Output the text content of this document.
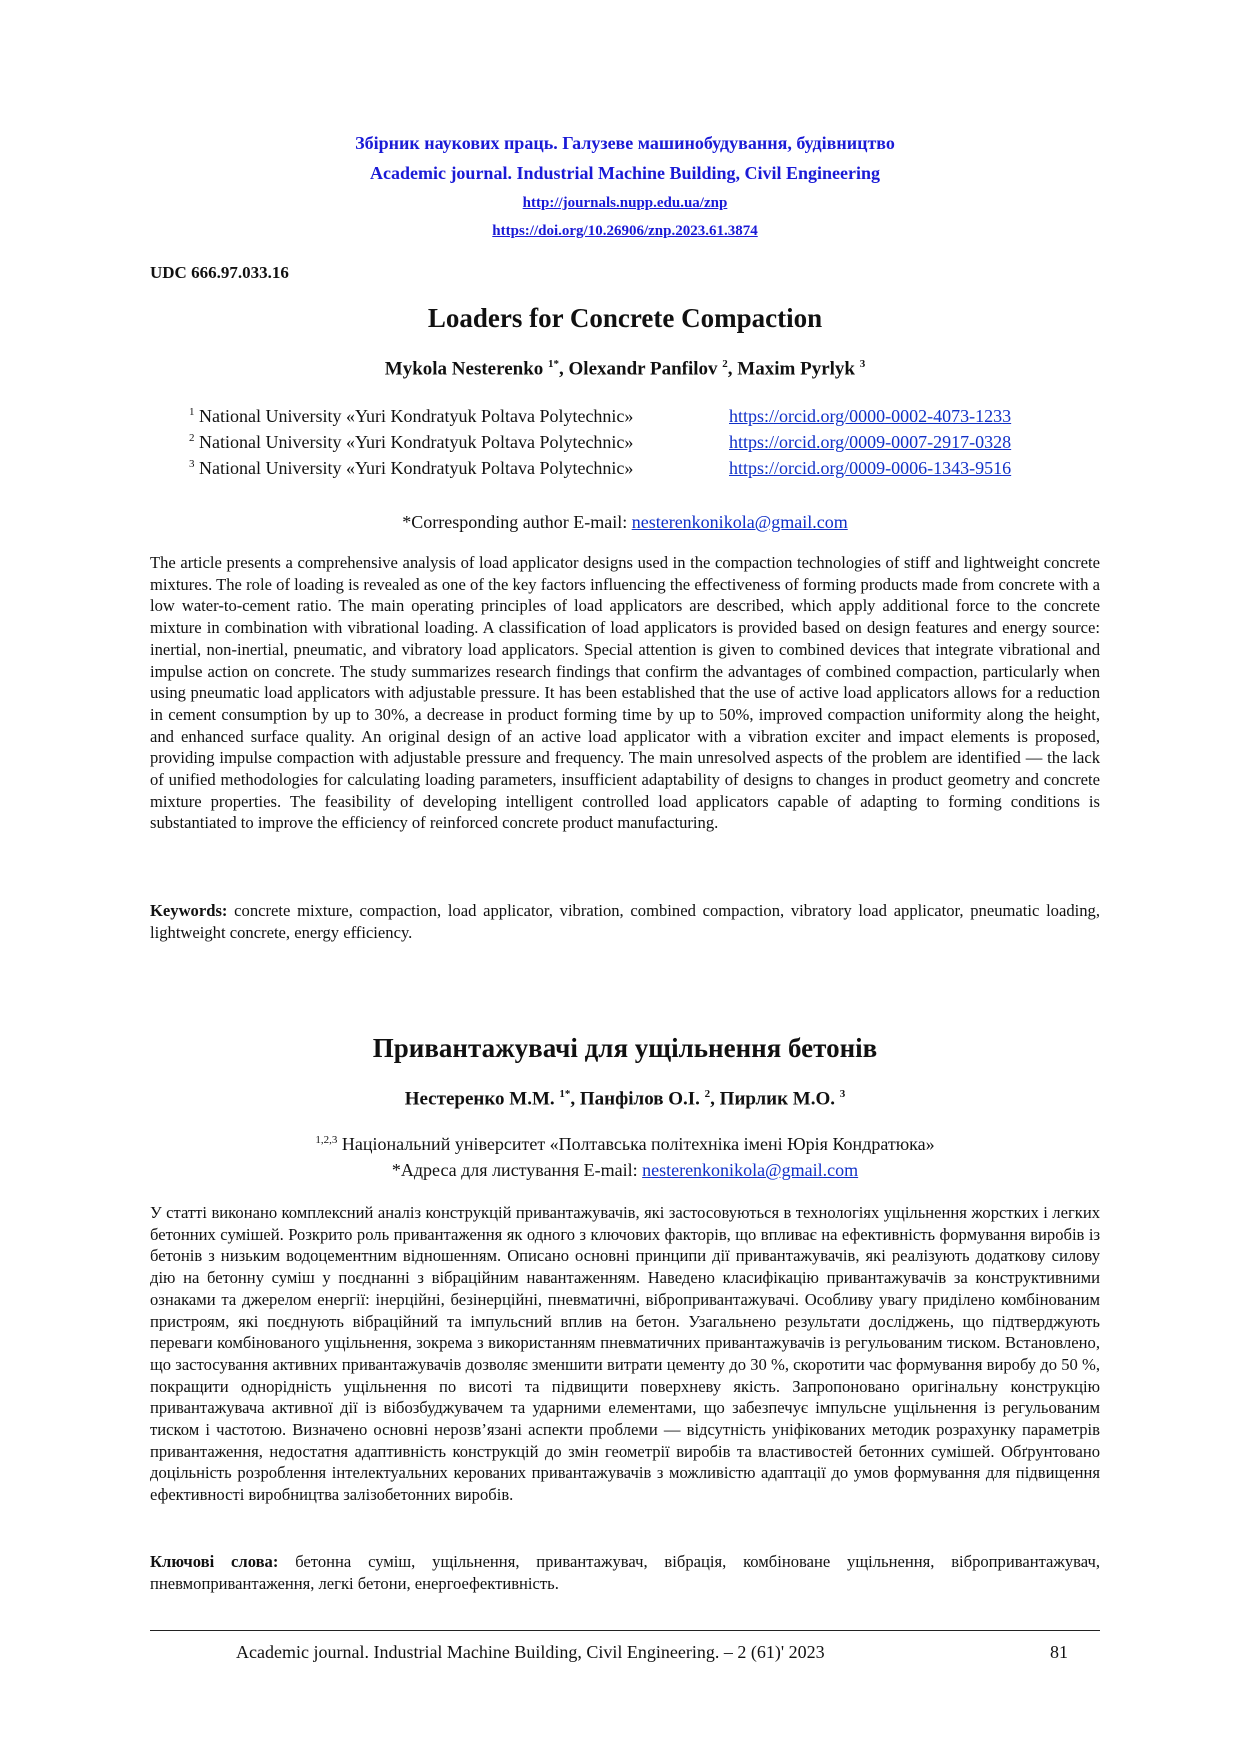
Збірник наукових праць. Галузеве машинобудування, будівництво
Academic journal. Industrial Machine Building, Civil Engineering
http://journals.nupp.edu.ua/znp
https://doi.org/10.26906/znp.2023.61.3874
UDC 666.97.033.16
Loaders for Concrete Compaction
Mykola Nesterenko $^{1*}$, Olexandr Panfilov $^2$, Maxim Pyrlyk $^3$
$^1$ National University «Yuri Kondratyuk Poltava Polytechnic»	https://orcid.org/0000-0002-4073-1233
$^2$ National University «Yuri Kondratyuk Poltava Polytechnic»	https://orcid.org/0009-0007-2917-0328
$^3$ National University «Yuri Kondratyuk Poltava Polytechnic»	https://orcid.org/0009-0006-1343-9516
*Corresponding author E-mail: nesterenkonikola@gmail.com

The article presents a comprehensive analysis of load applicator designs used in the compaction technologies of stiff and lightweight concrete mixtures. The role of loading is revealed as one of the key factors influencing the effectiveness of forming products made from concrete with a low water-to-cement ratio. The main operating principles of load applicators are described, which apply additional force to the concrete mixture in combination with vibrational loading. A classification of load applicators is provided based on design features and energy source: inertial, non-inertial, pneumatic, and vibratory load applicators. Special attention is given to combined devices that integrate vibrational and impulse action on concrete. The study summarizes research findings that confirm the advantages of combined compaction, particularly when using pneumatic load applicators with adjustable pressure. It has been established that the use of active load applicators allows for a reduction in cement consumption by up to 30%, a decrease in product forming time by up to 50%, improved compaction uniformity along the height, and enhanced surface quality. An original design of an active load applicator with a vibration exciter and impact elements is proposed, providing impulse compaction with adjustable pressure and frequency. The main unresolved aspects of the problem are identified — the lack of unified methodologies for calculating loading parameters, insufficient adaptability of designs to changes in product geometry and concrete mixture properties. The feasibility of developing intelligent controlled load applicators capable of adapting to forming conditions is substantiated to improve the efficiency of reinforced concrete product manufacturing.

Keywords: concrete mixture, compaction, load applicator, vibration, combined compaction, vibratory load applicator, pneumatic loading, lightweight concrete, energy efficiency.

Привантажувачі для ущільнення бетонів
Нестеренко М.М. $^{1*}$, Панфілов О.І. $^2$, Пирлик М.О. $^3$
$^{1,2,3}$ Національний університет «Полтавська політехніка імені Юрія Кондратюка»
*Адреса для листування E-mail: nesterenkonikola@gmail.com

У статті виконано комплексний аналіз конструкцій привантажувачів, які застосовуються в технологіях ущільнення жорстких і легких бетонних сумішей. Розкрито роль привантаження як одного з ключових факторів, що впливає на ефективність формування виробів із бетонів з низьким водоцементним відношенням. Описано основні принципи дії привантажувачів, які реалізують додаткову силову дію на бетонну суміш у поєднанні з вібраційним навантаженням. Наведено класифікацію привантажувачів за конструктивними ознаками та джерелом енергії: інерційні, безінерційні, пневматичні, вібропривантажувачі. Особливу увагу приділено комбінованим пристроям, які поєднують вібраційний та імпульсний вплив на бетон. Узагальнено результати досліджень, що підтверджують переваги комбінованого ущільнення, зокрема з використанням пневматичних привантажувачів із регульованим тиском. Встановлено, що застосування активних привантажувачів дозволяє зменшити витрати цементу до 30 %, скоротити час формування виробу до 50 %, покращити однорідність ущільнення по висоті та підвищити поверхневу якість. Запропоновано оригінальну конструкцію привантажувача активної дії із вібозбуджувачем та ударними елементами, що забезпечує імпульсне ущільнення із регульованим тиском і частотою. Визначено основні нерозв’язані аспекти проблеми — відсутність уніфікованих методик розрахунку параметрів привантаження, недостатня адаптивність конструкцій до змін геометрії виробів та властивостей бетонних сумішей. Обґрунтовано доцільність розроблення інтелектуальних керованих привантажувачів з можливістю адаптації до умов формування для підвищення ефективності виробництва залізобетонних виробів.

Ключові слова: бетонна суміш, ущільнення, привантажувач, вібрація, комбіноване ущільнення, вібропривантажувач, пневмопривантаження, легкі бетони, енергоефективність.

Academic journal. Industrial Machine Building, Civil Engineering. – 2 (61)' 2023	81
